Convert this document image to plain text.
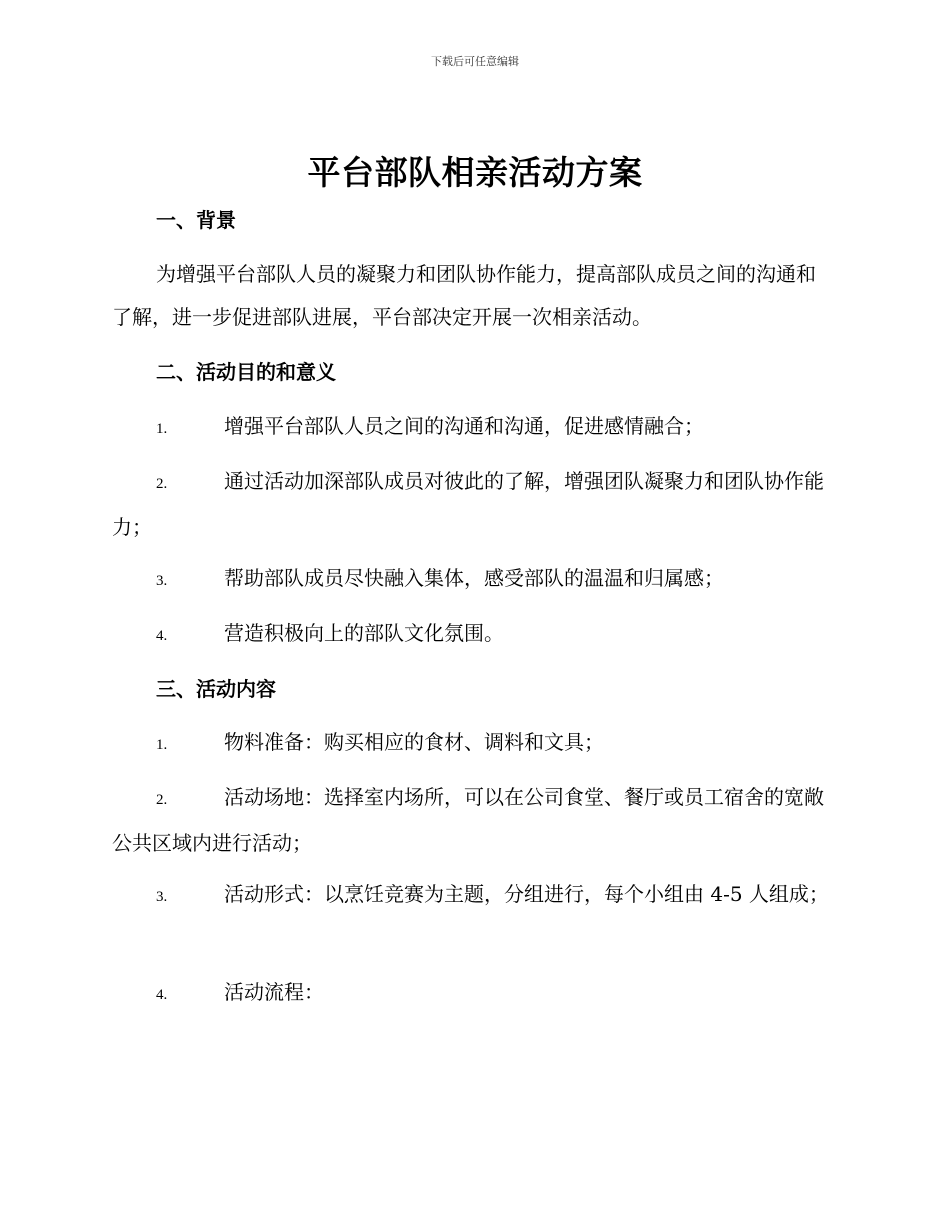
下载后可任意编辑
平台部队相亲活动方案
一、背景
为增强平台部队人员的凝聚力和团队协作能力，提高部队成员之间的沟通和了解，进一步促进部队进展，平台部决定开展一次相亲活动。
二、活动目的和意义
1.	增强平台部队人员之间的沟通和沟通，促进感情融合；
2.	通过活动加深部队成员对彼此的了解，增强团队凝聚力和团队协作能力；
3.	帮助部队成员尽快融入集体，感受部队的温温和归属感；
4.	营造积极向上的部队文化氛围。
三、活动内容
1.	物料准备：购买相应的食材、调料和文具；
2.	活动场地：选择室内场所，可以在公司食堂、餐厅或员工宿舍的宽敞公共区域内进行活动；
3.	活动形式：以烹饪竞赛为主题，分组进行，每个小组由 4-5 人组成；
4.	活动流程：
